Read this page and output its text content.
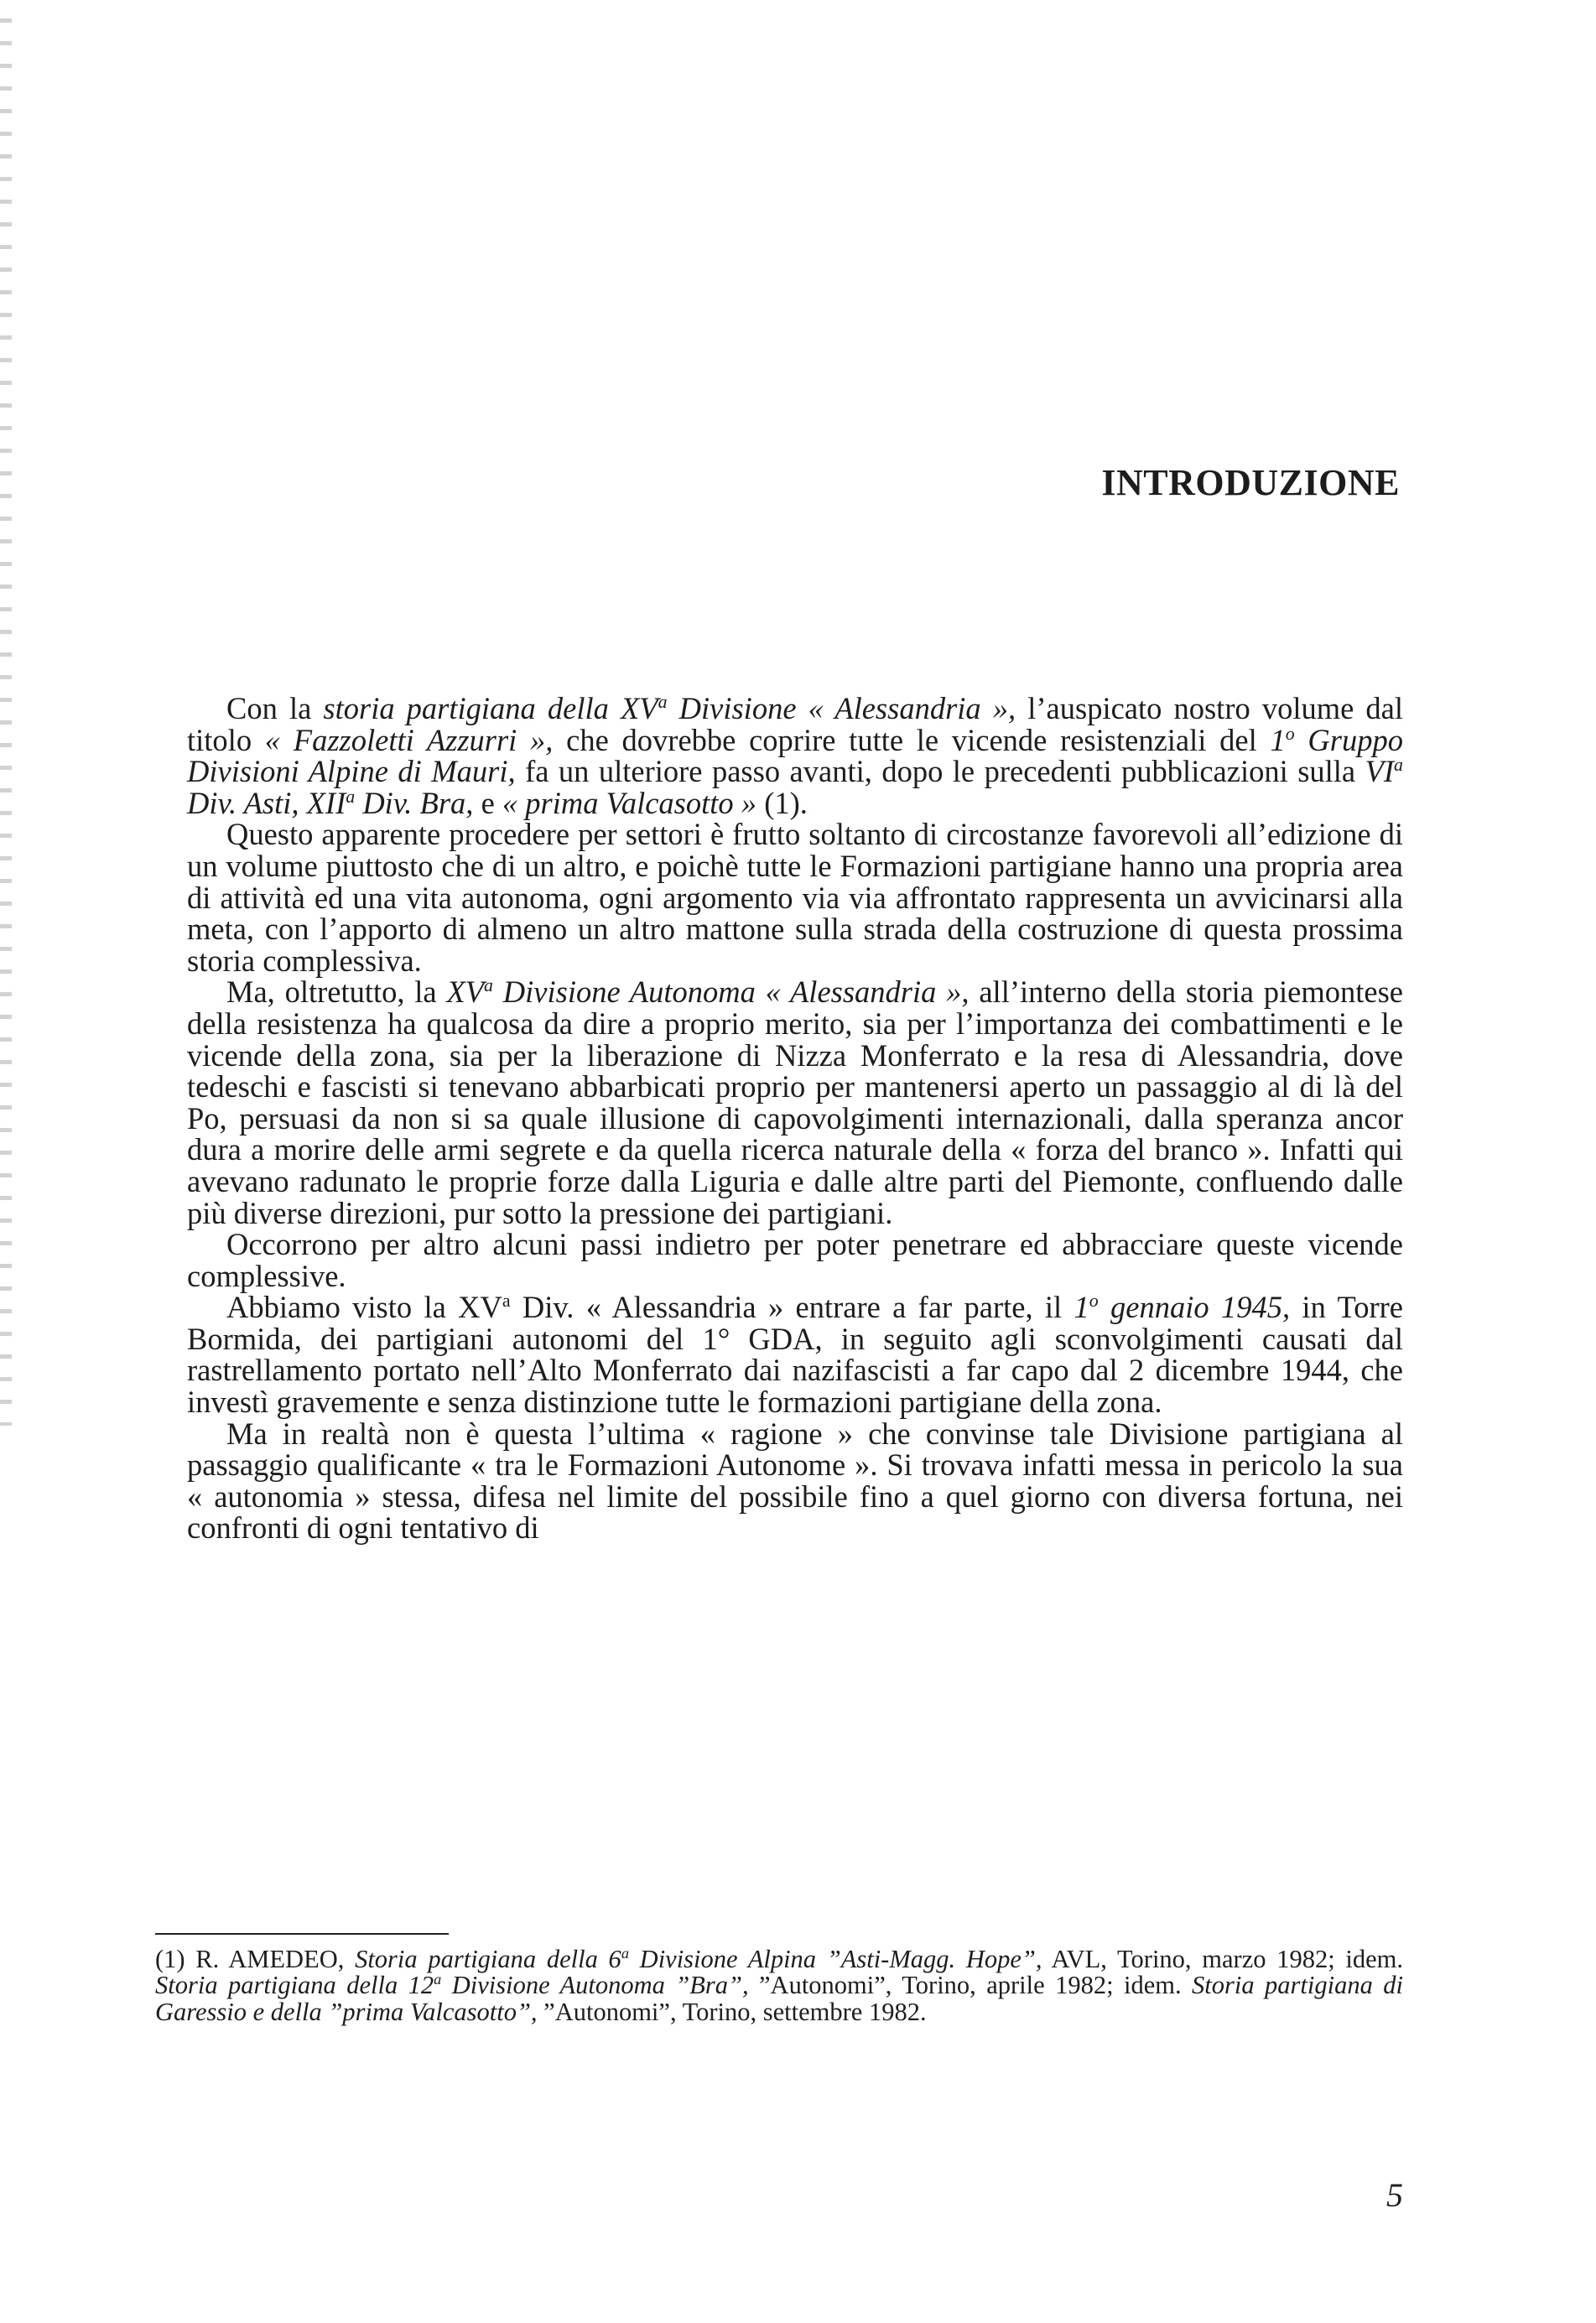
INTRODUZIONE

Con la storia partigiana della $XV^a$ Divisione « Alessandria », l’auspicato nostro volume dal titolo « Fazzoletti Azzurri », che dovrebbe coprire tutte le vicende resistenziali del 1$^o$ Gruppo Divisioni Alpine di Mauri, fa un ulteriore passo avanti, dopo le precedenti pubblicazioni sulla $VI^a$ Div. Asti, XII$^a$ Div. Bra, e « prima Valcasotto » (1).

Questo apparente procedere per settori è frutto soltanto di circostanze favorevoli all’edizione di un volume piuttosto che di un altro, e poichè tutte le Formazioni partigiane hanno una propria area di attività ed una vita autonoma, ogni argomento via via affrontato rappresenta un avvicinarsi alla meta, con l’apporto di almeno un altro mattone sulla strada della costruzione di questa prossima storia complessiva.

Ma, oltretutto, la $XV^a$ Divisione Autonoma « Alessandria », all’interno della storia piemontese della resistenza ha qualcosa da dire a proprio merito, sia per l’importanza dei combattimenti e le vicende della zona, sia per la liberazione di Nizza Monferrato e la resa di Alessandria, dove tedeschi e fascisti si tenevano abbarbicati proprio per mantenersi aperto un passaggio al di là del Po, persuasi da non si sa quale illusione di capovolgimenti internazionali, dalla speranza ancor dura a morire delle armi segrete e da quella ricerca naturale della « forza del branco ». Infatti qui avevano radunato le proprie forze dalla Liguria e dalle altre parti del Piemonte, confluendo dalle più diverse direzioni, pur sotto la pressione dei partigiani.

Occorrono per altro alcuni passi indietro per poter penetrare ed abbracciare queste vicende complessive.

Abbiamo visto la $XV^a$ Div. « Alessandria » entrare a far parte, il 1$^o$ gennaio 1945, in Torre Bormida, dei partigiani autonomi del 1° GDA, in seguito agli sconvolgimenti causati dal rastrellamento portato nell’Alto Monferrato dai nazifascisti a far capo dal 2 dicembre 1944, che investì gravemente e senza distinzione tutte le formazioni partigiane della zona.

Ma in realtà non è questa l’ultima « ragione » che convinse tale Divisione partigiana al passaggio qualificante « tra le Formazioni Autonome ». Si trovava infatti messa in pericolo la sua « autonomia » stessa, difesa nel limite del possibile fino a quel giorno con diversa fortuna, nei confronti di ogni tentativo di

(1) R. AMEDEO, Storia partigiana della 6$^a$ Divisione Alpina ”Asti-Magg. Hope”, AVL, Torino, marzo 1982; idem. Storia partigiana della 12$^a$ Divisione Autonoma ”Bra”, ”Autonomi”, Torino, aprile 1982; idem. Storia partigiana di Garessio e della ”prima Valcasotto”, ”Autonomi”, Torino, settembre 1982.

5
